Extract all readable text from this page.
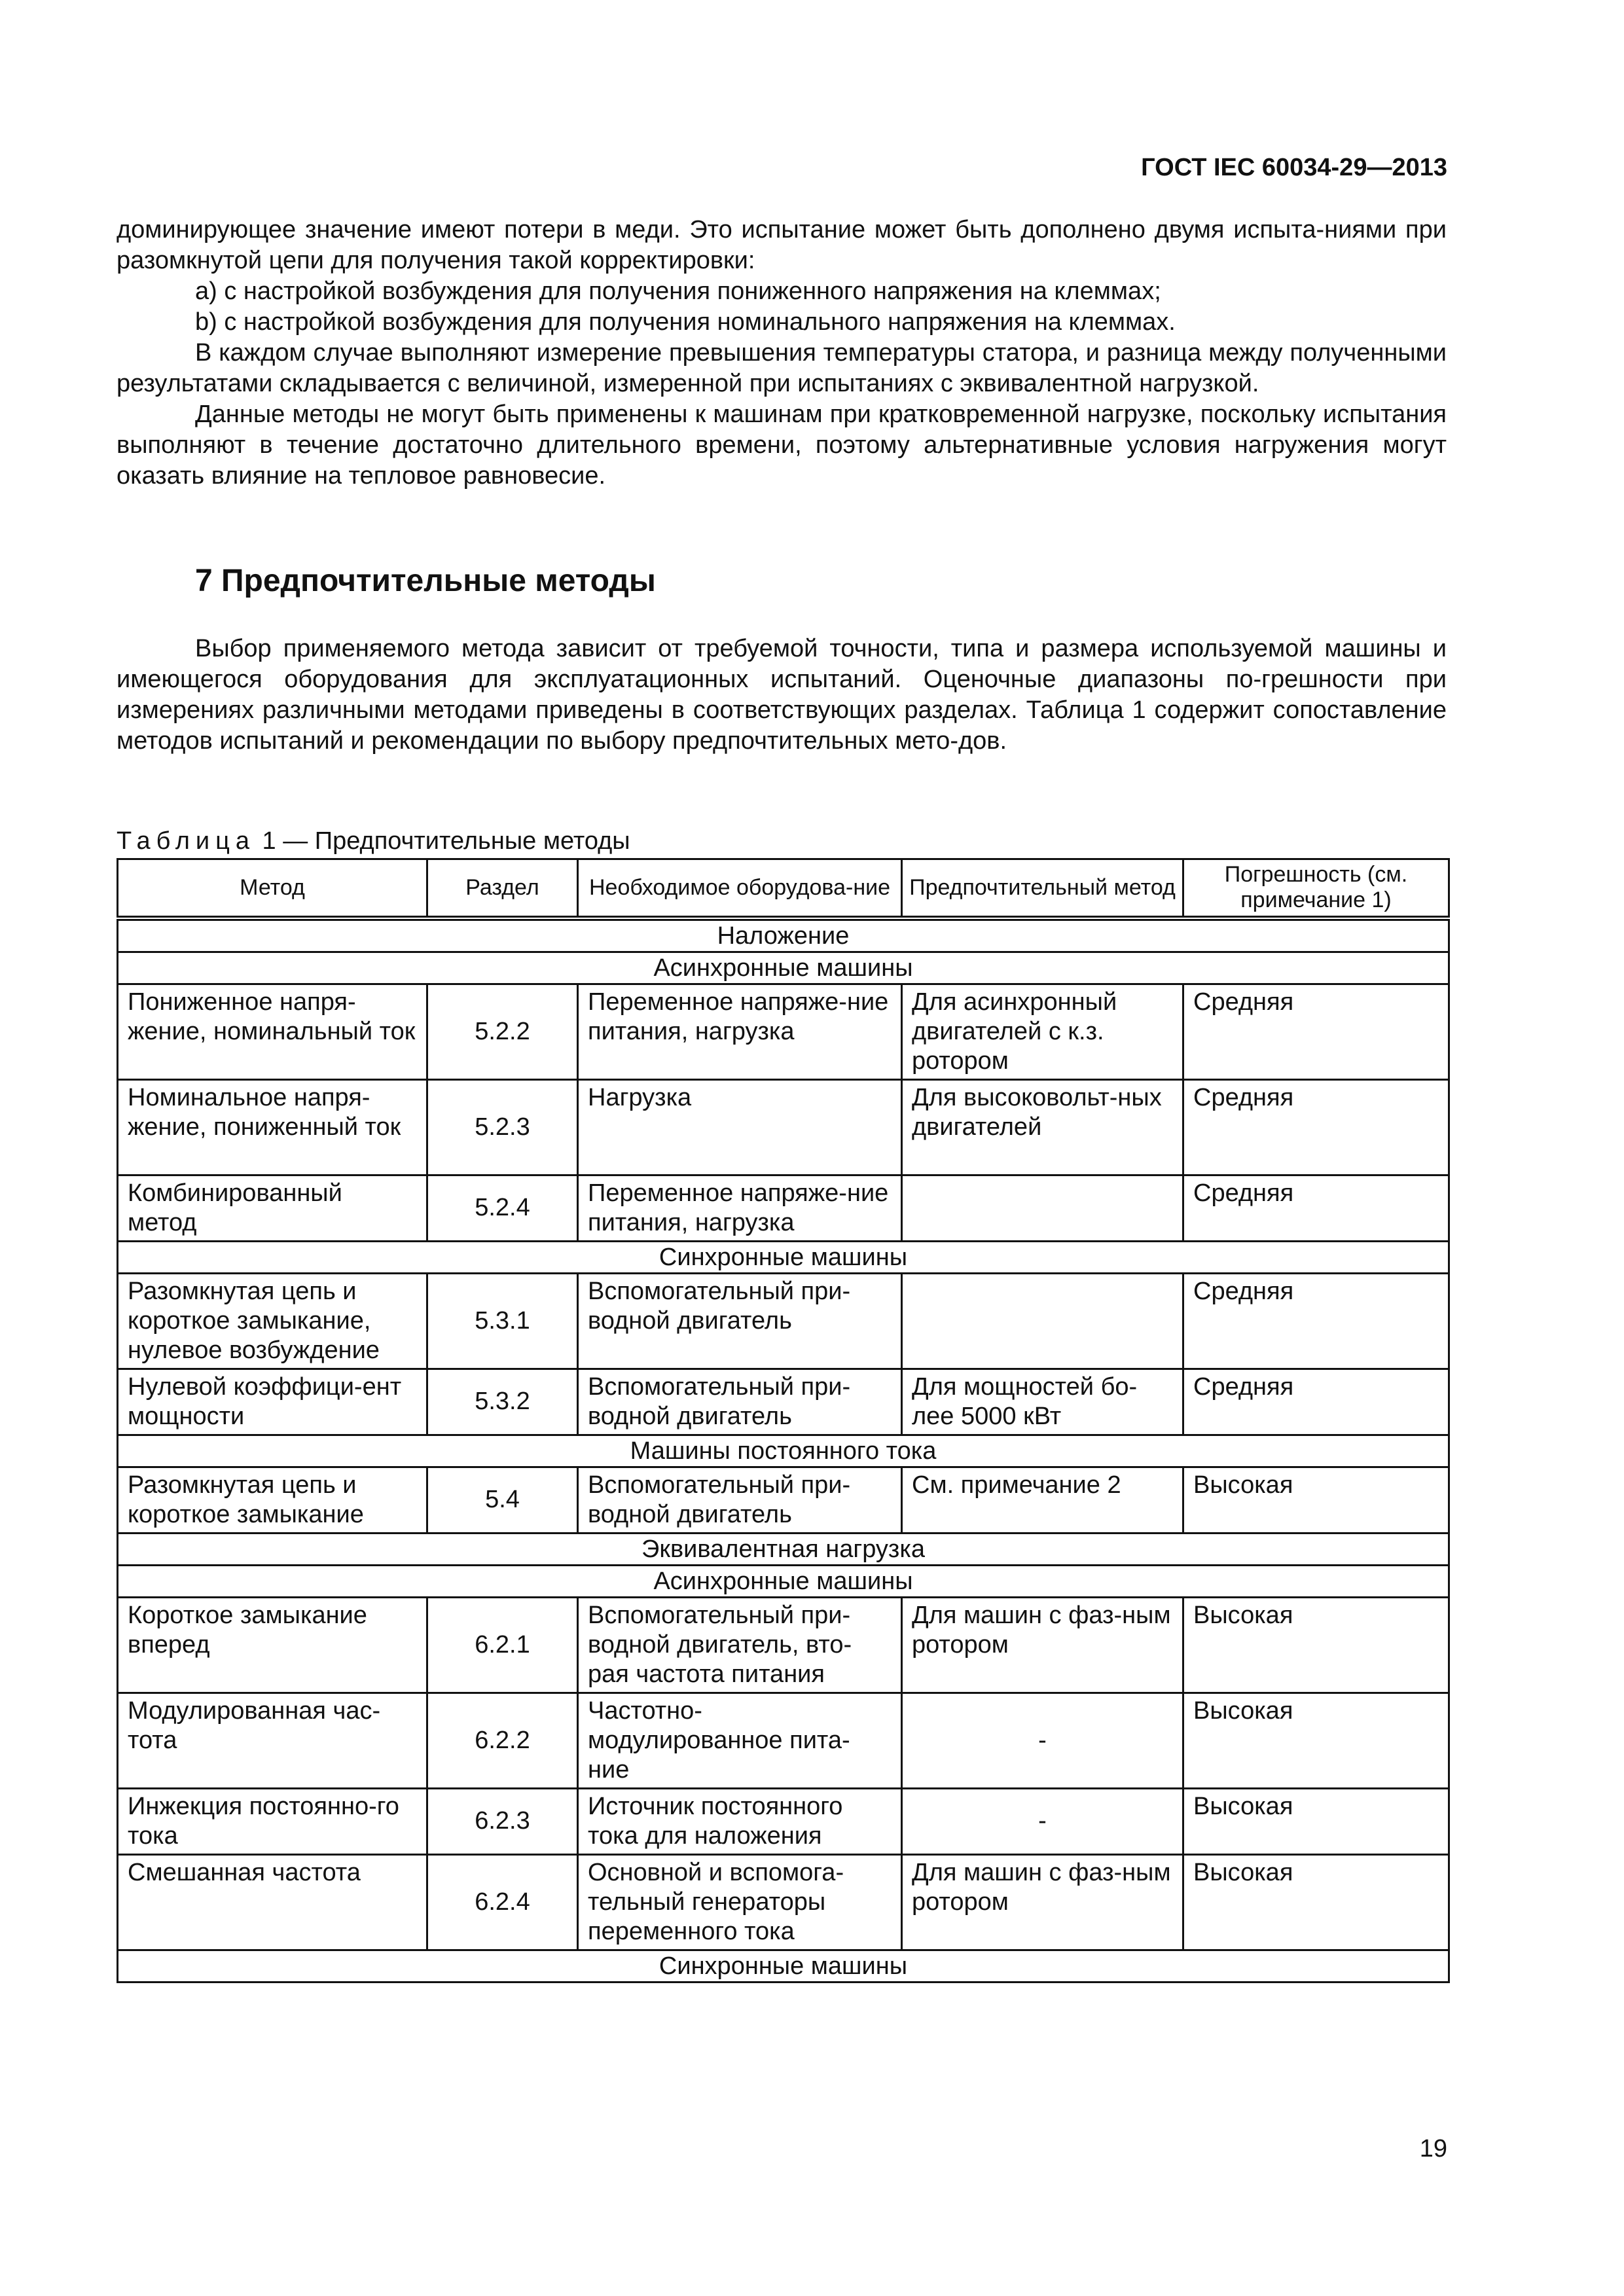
ГОСТ IEC 60034-29—2013

доминирующее значение имеют потери в меди. Это испытание может быть дополнено двумя испыта-ниями при разомкнутой цепи для получения такой корректировки:

а) с настройкой возбуждения для получения пониженного напряжения на клеммах;

b) с настройкой возбуждения для получения номинального напряжения на клеммах.

В каждом случае выполняют измерение превышения температуры статора, и разница между полученными результатами складывается с величиной, измеренной при испытаниях с эквивалентной нагрузкой.

Данные методы не могут быть применены к машинам при кратковременной нагрузке, поскольку испытания выполняют в течение достаточно длительного времени, поэтому альтернативные условия нагружения могут оказать влияние на тепловое равновесие.

7 Предпочтительные методы

Выбор применяемого метода зависит от требуемой точности, типа и размера используемой машины и имеющегося оборудования для эксплуатационных испытаний. Оценочные диапазоны по-грешности при измерениях различными методами приведены в соответствующих разделах. Таблица 1 содержит сопоставление методов испытаний и рекомендации по выбору предпочтительных мето-дов.

Таблица 1 — Предпочтительные методы
Метод	Раздел	Необходимое оборудова-ние	Предпочтительный метод	Погрешность (см. примечание 1)
Наложение				
Асинхронные машины				
Пониженное напря-жение, номинальный ток	5.2.2	Переменное напряже-ние питания, нагрузка	Для асинхронный двигателей с к.з. ротором	Средняя
Номинальное напря-жение, пониженный ток	5.2.3	Нагрузка	Для высоковольт-ных двигателей	Средняя
Комбинированный метод	5.2.4	Переменное напряже-ние питания, нагрузка		Средняя
Синхронные машины				
Разомкнутая цепь и короткое замыкание, нулевое возбуждение	5.3.1	Вспомогательный при-водной двигатель		Средняя
Нулевой коэффици-ент мощности	5.3.2	Вспомогательный при-водной двигатель	Для мощностей бо-лее 5000 кВт	Средняя
Машины постоянного тока				
Разомкнутая цепь и короткое замыкание	5.4	Вспомогательный при-водной двигатель	См. примечание 2	Высокая
Эквивалентная нагрузка				
Асинхронные машины				
Короткое замыкание вперед	6.2.1	Вспомогательный при-водной двигатель, вто-рая частота питания	Для машин с фаз-ным ротором	Высокая
Модулированная час-тота	6.2.2	Частотно-модулированное пита-ние	-	Высокая
Инжекция постоянно-го тока	6.2.3	Источник постоянного тока для наложения	-	Высокая
Смешанная частота	6.2.4	Основной и вспомога-тельный генераторы переменного тока	Для машин с фаз-ным ротором	Высокая
Синхронные машины				
19
